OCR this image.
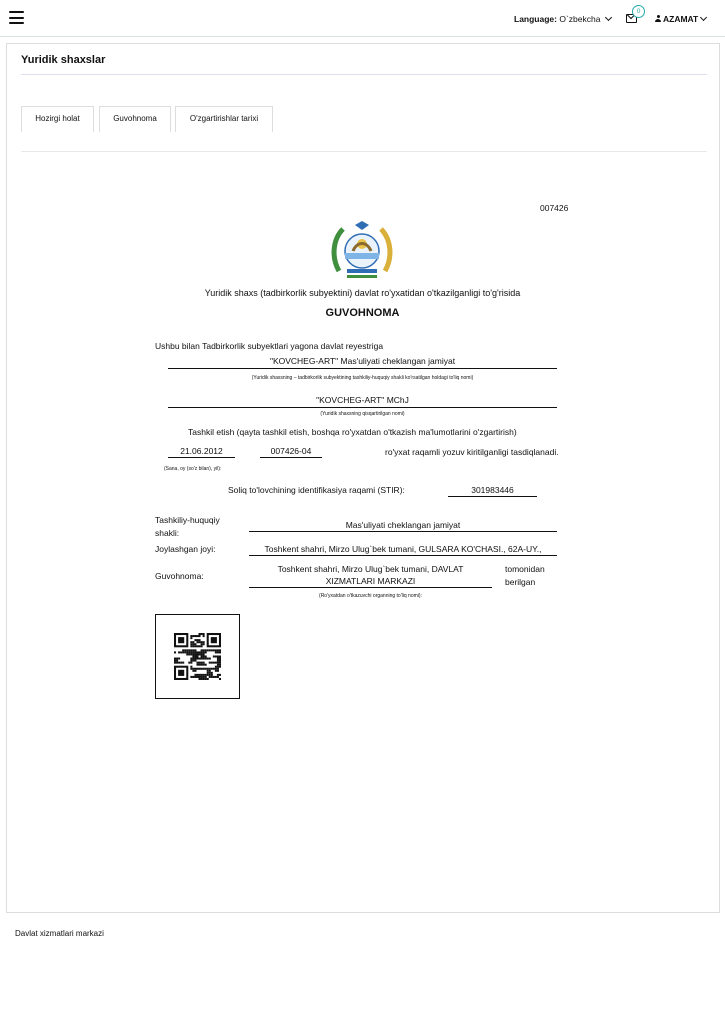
Language: O`zbekcha
0
AZAMAT
Yuridik shaxslar
Hozirgi holat	Guvohnoma	O'zgartirishlar tarixi
007426
Yuridik shaxs (tadbirkorlik subyektini) davlat ro'yxatidan o'tkazilganligi to'g'risida
GUVOHNOMA
Ushbu bilan Tadbirkorlik subyektlari yagona davlat reyestriga
"KOVCHEG-ART" Mas'uliyati cheklangan jamiyat
(Yuridik shaxsning – tadbirkorlik subyektining tashkiliy-huquqiy shakli ko'rsatilgan holdagi to'liq nomi)
"KOVCHEG-ART" MChJ
(Yuridik shaxsning qisqartirilgan nomi)
Tashkil etish (qayta tashkil etish, boshqa ro'yxatdan o'tkazish ma'lumotlarini o'zgartirish)
21.06.2012	007426-04	ro'yxat raqamli yozuv kiritilganligi tasdiqlanadi.
(Sana, oy (so'z bilan), yil):
Soliq to'lovchining identifikasiya raqami (STIR):	301983446
Tashkiliy-huquqiy
shakli:
Mas'uliyati cheklangan jamiyat
Joylashgan joyi:	Toshkent shahri, Mirzo Ulug`bek tumani, GULSARA KO'CHASI., 62A-UY.,
Guvohnoma:
Toshkent shahri, Mirzo Ulug`bek tumani, DAVLAT
XIZMATLARI MARKAZI
tomonidan
berilgan
(Ro'yxatdan o'tkazuvchi organning to'liq nomi):
Davlat xizmatlari markazi
